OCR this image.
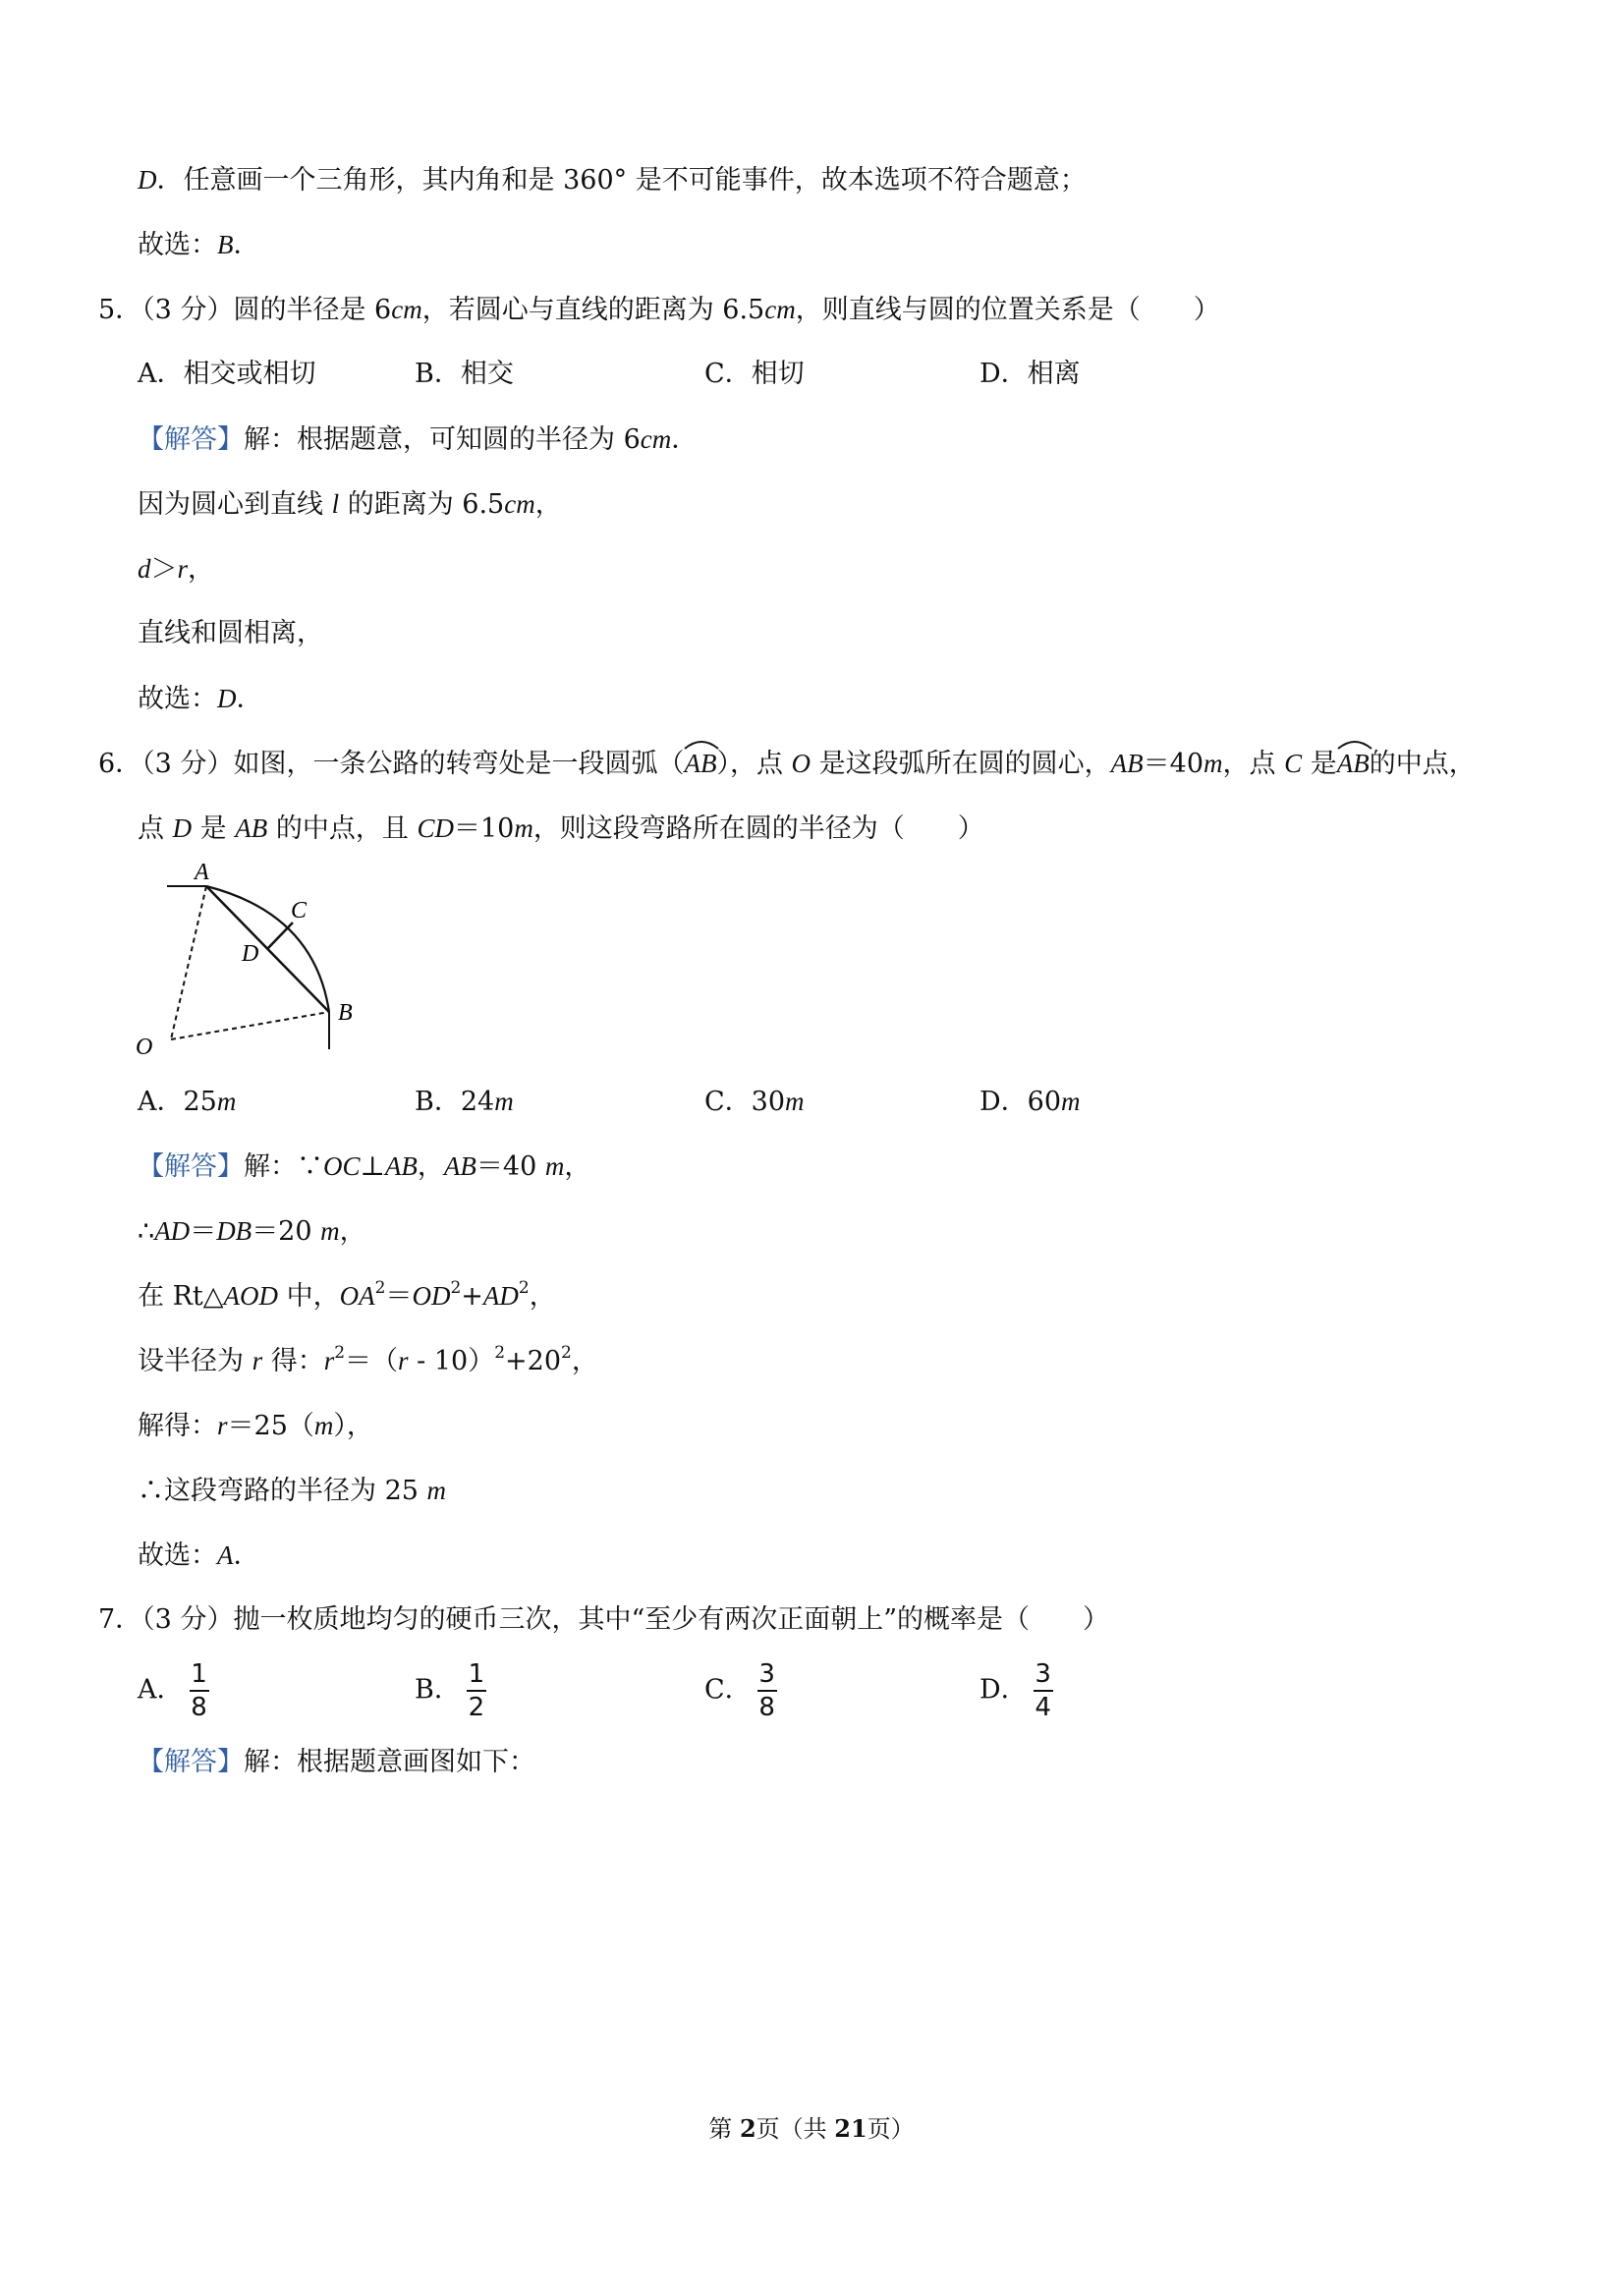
D．任意画一个三角形，其内角和是 360° 是不可能事件，故本选项不符合题意；
故选：B．
5．（3 分）圆的半径是 6cm，若圆心与直线的距离为 6.5cm，则直线与圆的位置关系是（　　）
A．相交或相切	B．相交	C．相切	D．相离
【解答】解：根据题意，可知圆的半径为 6cm．
因为圆心到直线 l 的距离为 6.5cm，
d＞r，
直线和圆相离，
故选：D．
6．（3 分）如图，一条公路的转弯处是一段圆弧（
AB），点 O 是这段弧所在圆的圆心，AB＝40m，点 C 是
AB的中点，
点 D 是 AB 的中点，且 CD＝10m，则这段弯路所在圆的半径为（　　）
A
C
D
B
O
A．25m	B．24m	C．30m	D．60m
【解答】解：∵OC⊥AB，AB＝40 m，
∴AD＝DB＝20 m，
在 Rt△AOD 中，$OA^2=OD^2+AD^2$，
设半径为 r 得：$r^2=(r - 10)^2+20^2$，
解得：r＝25（m），
∴这段弯路的半径为 25 m
故选：A．
7．（3 分）抛一枚质地均匀的硬币三次，其中“至少有两次正面朝上”的概率是（　　）
A． $\frac{1}{8}$	B． $\frac{1}{2}$	C． $\frac{3}{8}$	D． $\frac{3}{4}$
【解答】解：根据题意画图如下：
第 2页（共 21页）
